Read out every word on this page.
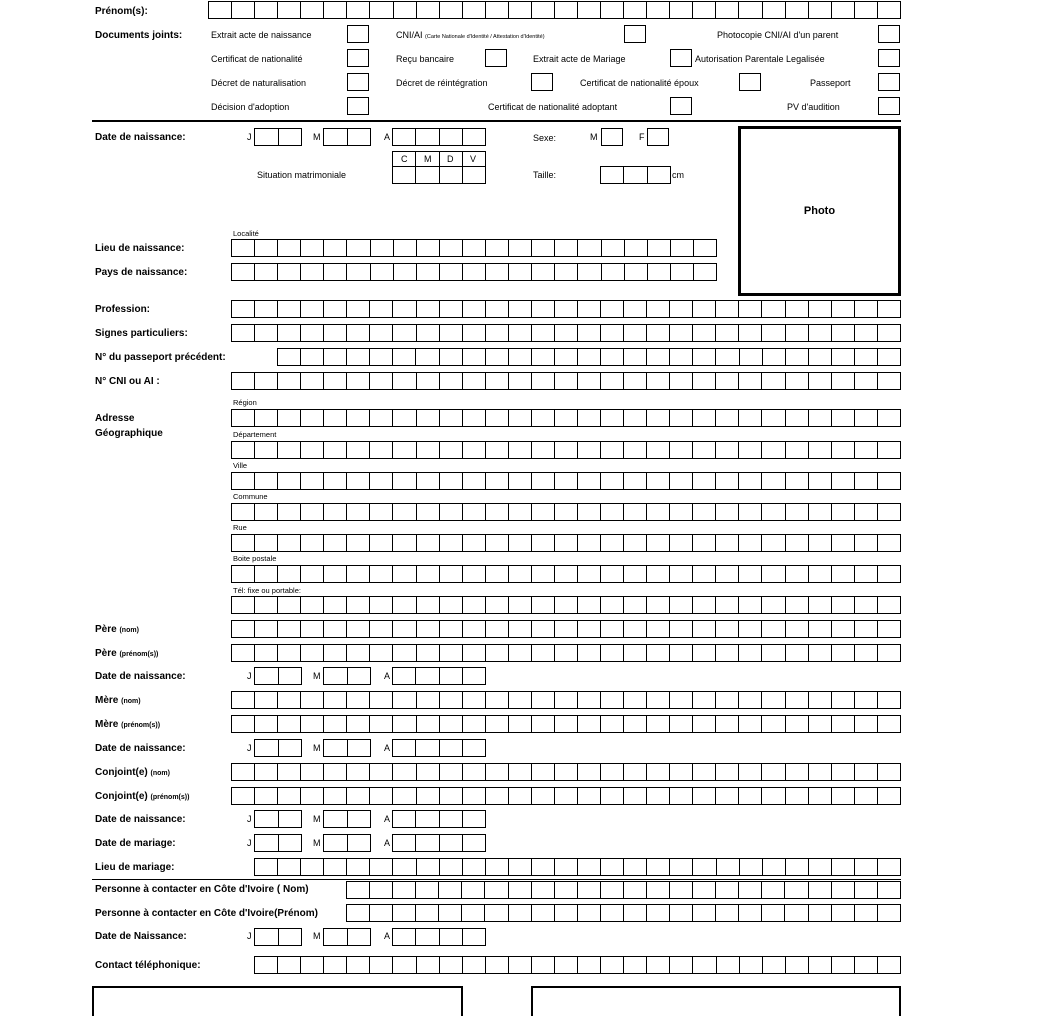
Prénom(s):
Documents joints:	Extrait acte de naissance	CNI/AI (Carte Nationale d'Identité / Attestation d'Identité)	Photocopie CNI/AI d'un parent
Certificat de nationalité	Reçu bancaire	Extrait acte de Mariage	Autorisation Parentale Legalisée
Décret de naturalisation	Décret de réintégration	Certificat de nationalité époux	Passeport
Décision d'adoption	Certificat de nationalité adoptant	PV d'audition
Date de naissance:	J	M	A	Sexe:	M	F
Photo
C M D V
Situation matrimoniale	Taille:	cm
Localité
Lieu de naissance:
Pays de naissance:
Profession:
Signes particuliers:
N° du passeport précédent:
N° CNI ou AI :
Adresse
Géographique
Région
Département
Ville
Commune
Rue
Boite postale
Tél: fixe ou portable:
Père (nom)
Père (prénom(s))
Date de naissance:	J	M	A
Mère (nom)
Mère (prénom(s))
Date de naissance:	J	M	A
Conjoint(e) (nom)
Conjoint(e) (prénom(s))
Date de naissance:	J	M	A
Date de mariage:	J	M	A
Lieu de mariage:
Personne à contacter en Côte d'Ivoire ( Nom)
Personne à contacter en Côte d'Ivoire(Prénom)
Date de Naissance:	J	M	A
Contact téléphonique:
